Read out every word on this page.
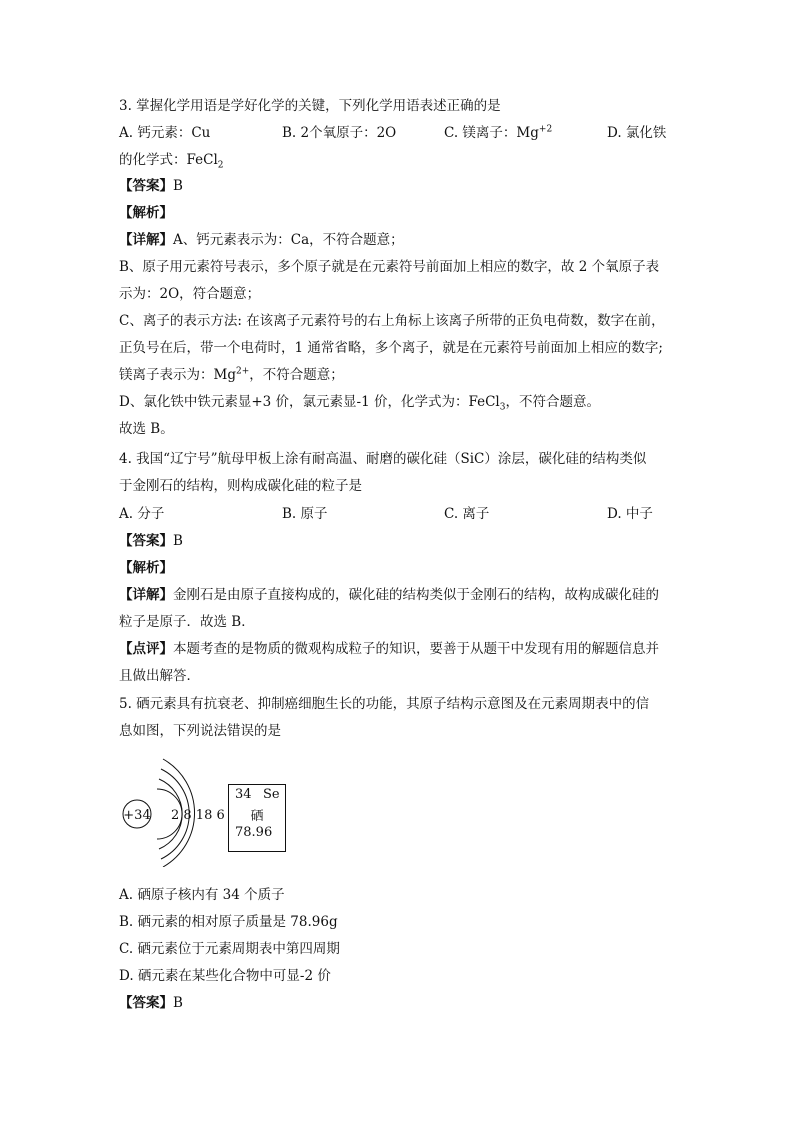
3. 掌握化学用语是学好化学的关键，下列化学用语表述正确的是
A. 钙元素：Cu	B. 2个氧原子：2O	C. 镁离子：$Mg^{+2}$	D. 氯化铁
的化学式：FeCl$_2$
【答案】B
【解析】
【详解】A、钙元素表示为：Ca，不符合题意；
B、原子用元素符号表示，多个原子就是在元素符号前面加上相应的数字，故 2 个氧原子表
示为：2O，符合题意；
C、离子的表示方法: 在该离子元素符号的右上角标上该离子所带的正负电荷数，数字在前，
正负号在后，带一个电荷时，1 通常省略，多个离子，就是在元素符号前面加上相应的数字;
镁离子表示为：$Mg^{2+}$，不符合题意；
D、氯化铁中铁元素显+3 价，氯元素显-1 价，化学式为：FeCl$_3$，不符合题意。
故选 B。
4. 我国“辽宁号”航母甲板上涂有耐高温、耐磨的碳化硅（SiC）涂层，碳化硅的结构类似
于金刚石的结构，则构成碳化硅的粒子是
A. 分子	B. 原子	C. 离子	D. 中子
【答案】B
【解析】
【详解】金刚石是由原子直接构成的，碳化硅的结构类似于金刚石的结构，故构成碳化硅的
粒子是原子．故选 B．
【点评】本题考查的是物质的微观构成粒子的知识，要善于从题干中发现有用的解题信息并
且做出解答．
5. 硒元素具有抗衰老、抑制癌细胞生长的功能，其原子结构示意图及在元素周期表中的信
息如图，下列说法错误的是
+34 2 8 18 6
34 Se
硒
78.96
A. 硒原子核内有 34 个质子
B. 硒元素的相对原子质量是 78.96g
C. 硒元素位于元素周期表中第四周期
D. 硒元素在某些化合物中可显-2 价
【答案】B
